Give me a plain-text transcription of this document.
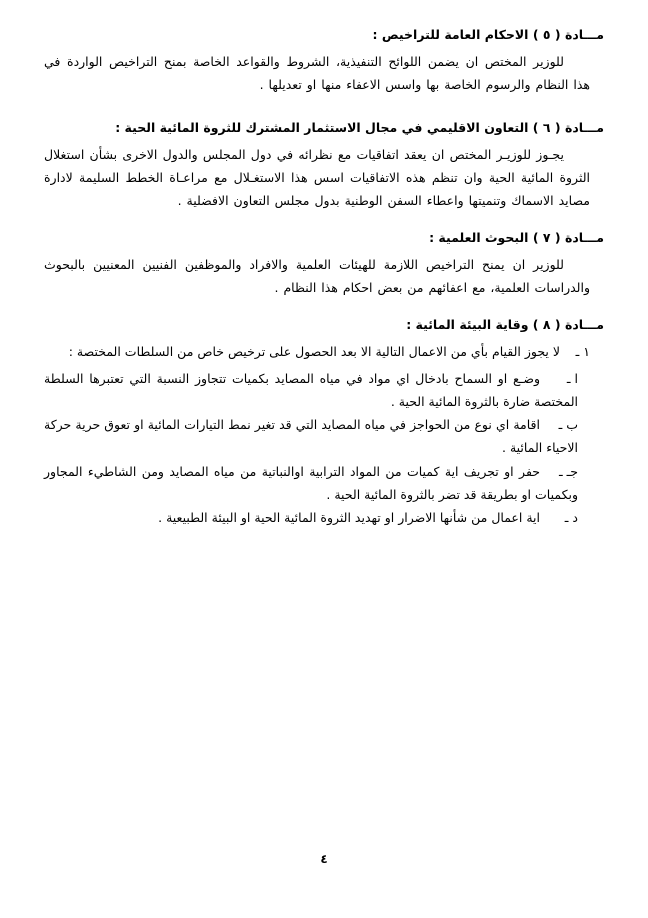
مـــادة ( ٥ ) الاحكام العامة للتراخيص :

للوزير المختص ان يضمن اللوائح التنفيذية، الشروط والقواعد الخاصة بمنح التراخيص الواردة في هذا النظام والرسوم الخاصة بها واسس الاعفاء منها او تعديلها .

مـــادة ( ٦ ) التعاون الاقليمي في مجال الاستثمار المشترك للثروة المائية الحية :

يجـوز للوزيـر المختص ان يعقد اتفاقيات مع نظرائه في دول المجلس والدول الاخرى بشأن استغلال الثروة المائية الحية وان تنظم هذه الاتفاقيات اسس هذا الاستغـلال مع مراعـاة الخطط السليمة لادارة مصايد الاسماك وتنميتها واعطاء السفن الوطنية بدول مجلس التعاون الافضلية .

مـــادة ( ٧ ) البحوث العلمية :

للوزير ان يمنح التراخيص اللازمة للهيئات العلمية والافراد والموظفين الفنيين المعنيين بالبحوث والدراسات العلمية، مع اعفائهم من بعض احكام هذا النظام .

مـــادة ( ٨ ) وقاية البيئة المائية :

١ ـلا يجوز القيام بأي من الاعمال التالية الا بعد الحصول على ترخيص خاص من السلطات المختصة :

ا ـوضـع او السماح بادخال اي مواد في مياه المصايد بكميات تتجاوز النسبة التي تعتبرها السلطة المختصة ضارة بالثروة المائية الحية .

ب ـاقامة اي نوع من الحواجز في مياه المصايد التي قد تغير نمط التيارات المائية او تعوق حرية حركة الاحياء المائية .

جـ ـحفر او تجريف اية كميات من المواد الترابية اوالنباتية من مياه المصايد ومن الشاطيء المجاور وبكميات او بطريقة قد تضر بالثروة المائية الحية .

د ـاية اعمال من شأنها الاضرار او تهديد الثروة المائية الحية او البيئة الطبيعية .

٤
